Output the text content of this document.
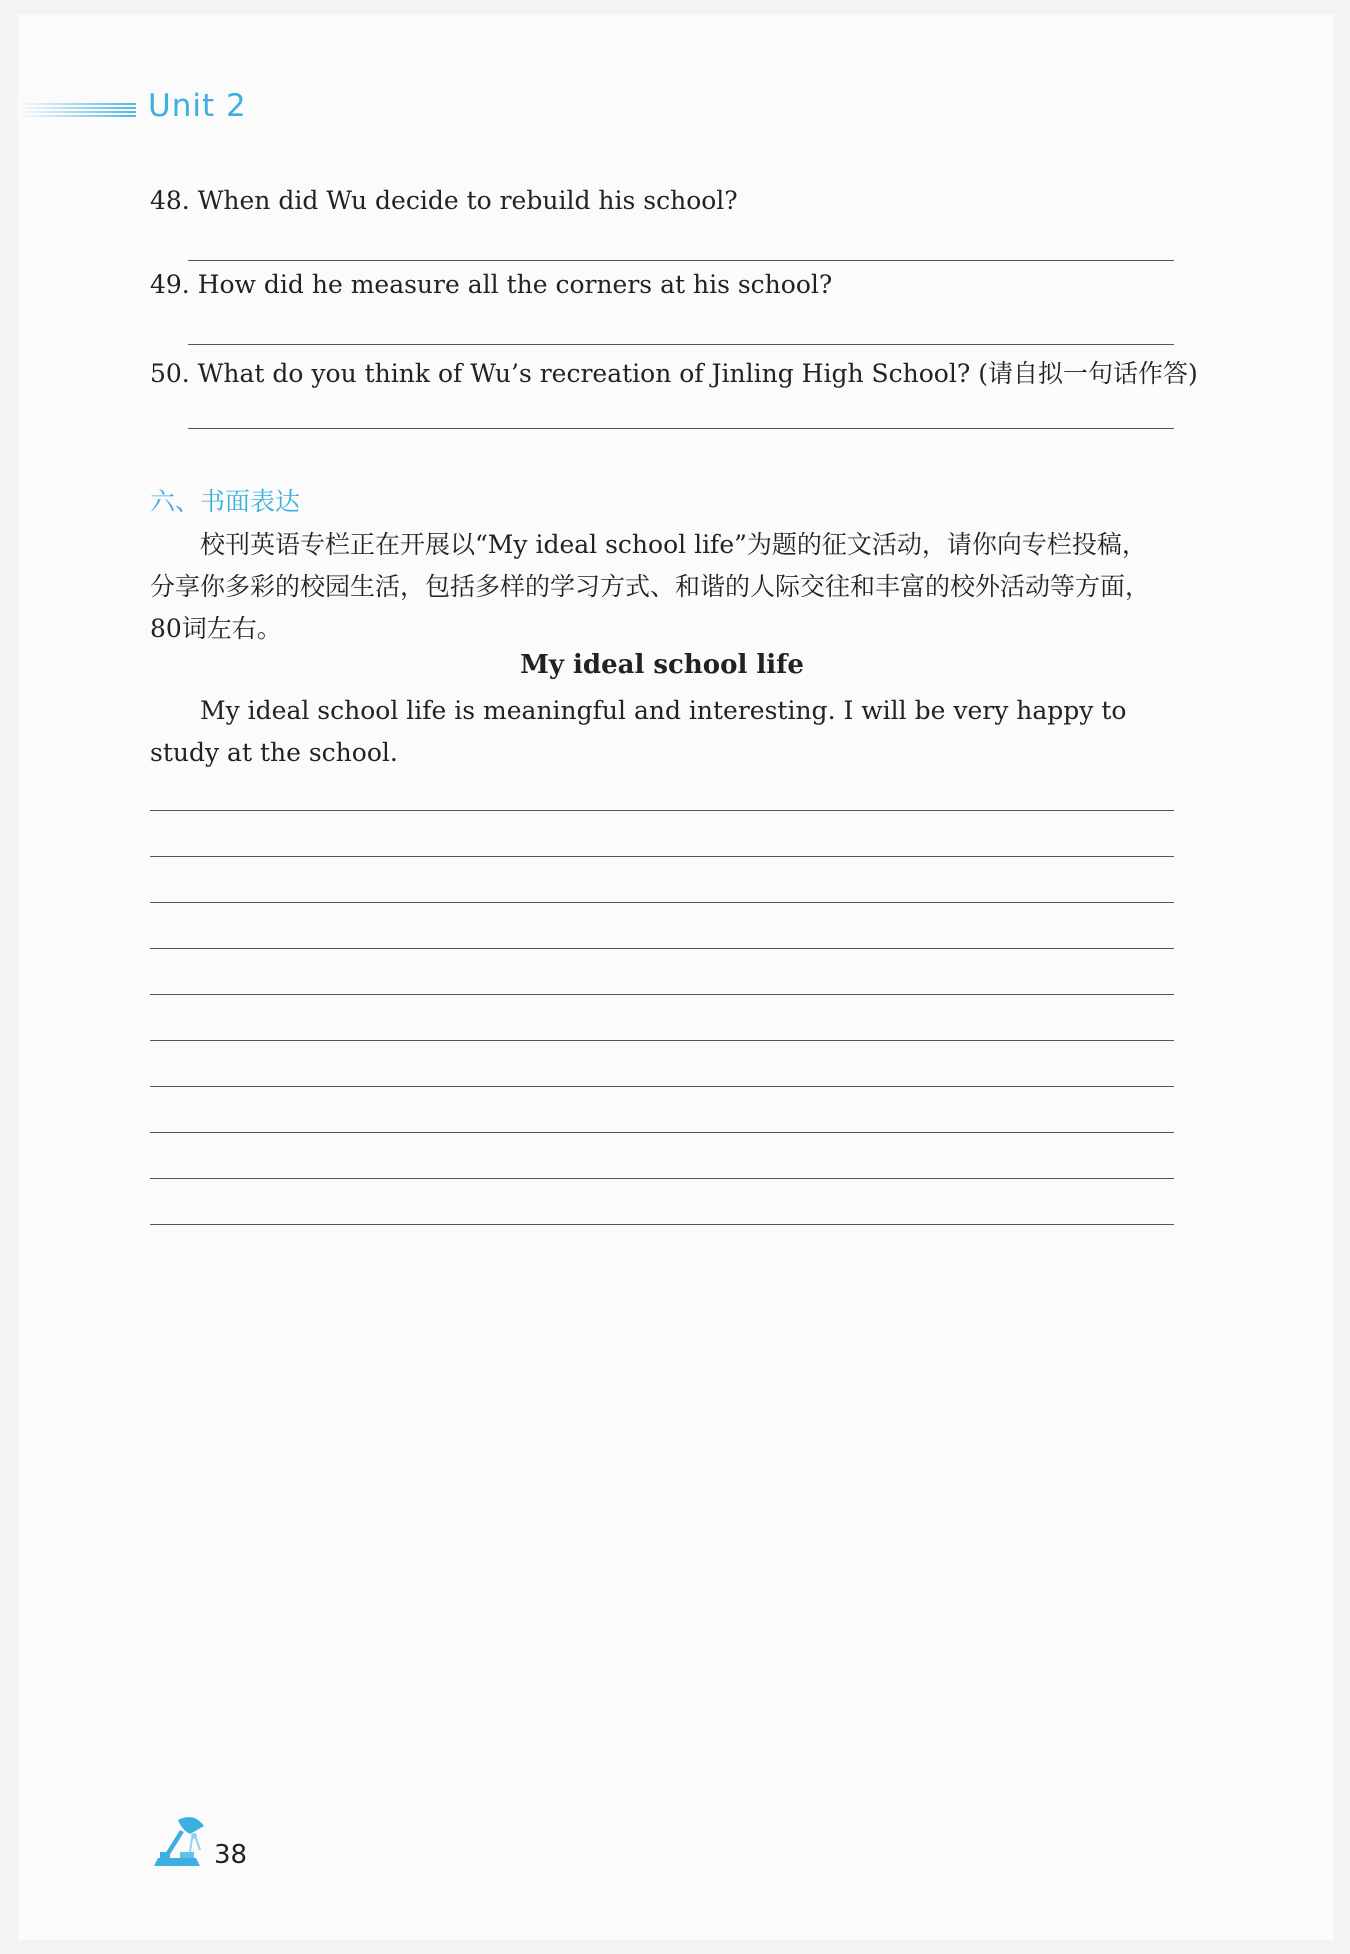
Unit 2
48. When did Wu decide to rebuild his school?
49. How did he measure all the corners at his school?
50. What do you think of Wu’s recreation of Jinling High School? (请自拟一句话作答)
六、书面表达
校刊英语专栏正在开展以“My ideal school life”为题的征文活动，请你向专栏投稿，分享你多彩的校园生活，包括多样的学习方式、和谐的人际交往和丰富的校外活动等方面，80词左右。
My ideal school life
My ideal school life is meaningful and interesting. I will be very happy to study at the school.
38
